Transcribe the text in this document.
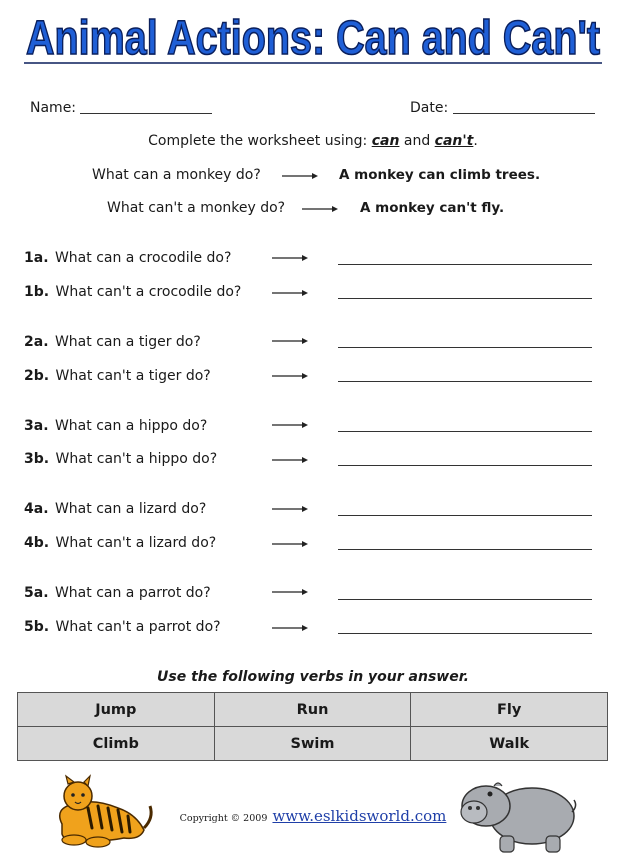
Animal Actions: Can and Can't
Name:	Date:
Complete the worksheet using: can and can't.
What can a monkey do?	A monkey can climb trees.
What can't a monkey do?	A monkey can't fly.
1a. What can a crocodile do?
1b. What can't a crocodile do?
2a. What can a tiger do?
2b. What can't a tiger do?
3a. What can a hippo do?
3b. What can't a hippo do?
4a. What can a lizard do?
4b. What can't a lizard do?
5a. What can a parrot do?
5b. What can't a parrot do?
Use the following verbs in your answer.
Jump	Run	Fly
Climb	Swim	Walk
Copyright © 2009 www.eslkidsworld.com
